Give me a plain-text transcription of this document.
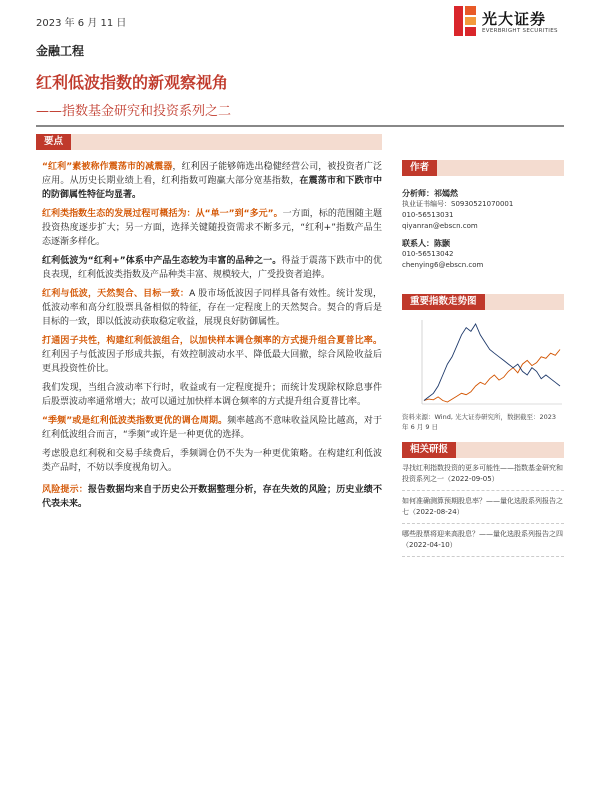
2023 年 6 月 11 日	光大证券
EVERBRIGHT SECURITIES
金融工程
红利低波指数的新观察视角
——指数基金研究和投资系列之二
要点

“红利”素被称作震荡市的减震器，红利因子能够筛选出稳健经营公司，被投资者广泛应用。从历史长期业绩上看，红利指数可跑赢大部分宽基指数，在震荡市和下跌市中的防御属性特征均显著。

红利类指数生态的发展过程可概括为：从“单一”到“多元”。一方面，标的范围随主题投资热度逐步扩大；另一方面，选择关键随投资需求不断多元，“红利+”指数产品生态逐渐多样化。

红利低波为“红利+”体系中产品生态较为丰富的品种之一。得益于震荡下跌市中的优良表现，红利低波类指数及产品种类丰富、规模较大，广受投资者追捧。

红利与低波，天然契合、目标一致：A 股市场低波因子同样具备有效性。统计发现，低波动率和高分红股票具备相似的特征，存在一定程度上的天然契合。契合的背后是目标的一致，即以低波动获取稳定收益，展现良好防御属性。

打通因子共性，构建红利低波组合，以加快样本调仓频率的方式提升组合夏普比率。红利因子与低波因子形成共振，有效控制波动水平、降低最大回撤，综合风险收益后更具投资性价比。

我们发现，当组合波动率下行时，收益或有一定程度提升；而统计发现除权除息事件后股票波动率通常增大；故可以通过加快样本调仓频率的方式提升组合夏普比率。

“季频”或是红利低波类指数更优的调仓周期。频率越高不意味收益风险比越高，对于红利低波组合而言，“季频”或许是一种更优的选择。

考虑股息红利税和交易手续费后，季频调仓仍不失为一种更优策略。在构建红利低波类产品时，不妨以季度视角切入。

风险提示：报告数据均来自于历史公开数据整理分析，存在失效的风险；历史业绩不代表未来。

作者
分析师：祁嫣然
执业证书编号：S0930521070001
010-56513031
qiyanran@ebscn.com
联系人：陈颢
010-56513042
chenying6@ebscn.com
重要指数走势图
资料来源：Wind, 光大证券研究所，数据截至：2023 年 6 月 9 日
相关研报
寻找红利指数投资的更多可能性——指数基金研究和投资系列之一（2022-09-05）
如何准确测算预期股息率？——量化选股系列报告之七（2022-08-24）
哪些股票将迎来高股息？——量化选股系列报告之四（2022-04-10）
